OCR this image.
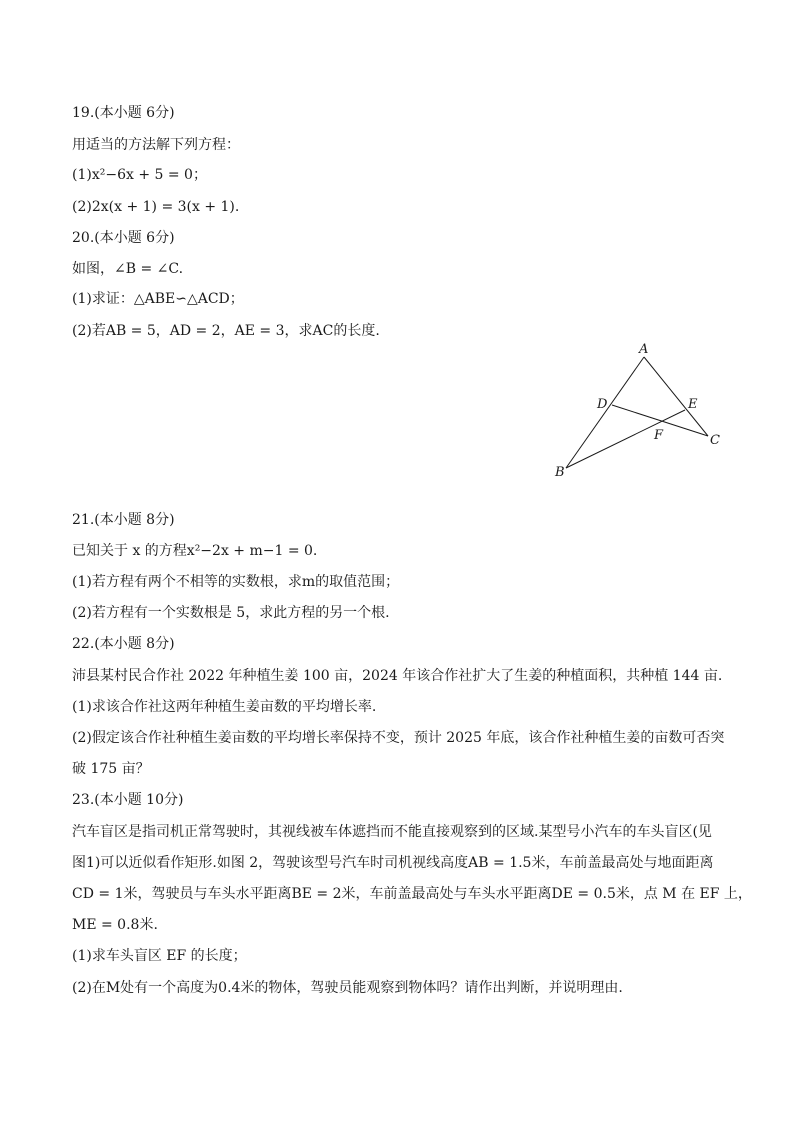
19.(本小题 6分)
用适当的方法解下列方程：
(1)x²−6x + 5 = 0；
(2)2x(x + 1) = 3(x + 1).
20.(本小题 6分)
如图，∠B = ∠C.
(1)求证：△ABE∽△ACD；
(2)若AB = 5，AD = 2，AE = 3，求AC的长度.
A
B
C
D	E
F
21.(本小题 8分)
已知关于 x 的方程x²−2x + m−1 = 0.
(1)若方程有两个不相等的实数根，求m的取值范围；
(2)若方程有一个实数根是 5，求此方程的另一个根.
22.(本小题 8分)
沛县某村民合作社 2022 年种植生姜 100 亩，2024 年该合作社扩大了生姜的种植面积，共种植 144 亩.
(1)求该合作社这两年种植生姜亩数的平均增长率.
(2)假定该合作社种植生姜亩数的平均增长率保持不变，预计 2025 年底，该合作社种植生姜的亩数可否突
破 175 亩？
23.(本小题 10分)
汽车盲区是指司机正常驾驶时，其视线被车体遮挡而不能直接观察到的区域.某型号小汽车的车头盲区(见
图1)可以近似看作矩形.如图 2，驾驶该型号汽车时司机视线高度AB = 1.5米，车前盖最高处与地面距离
CD = 1米，驾驶员与车头水平距离BE = 2米，车前盖最高处与车头水平距离DE = 0.5米，点 M 在 EF 上，
ME = 0.8米.
(1)求车头盲区 EF 的长度；
(2)在M处有一个高度为0.4米的物体，驾驶员能观察到物体吗？请作出判断，并说明理由.
